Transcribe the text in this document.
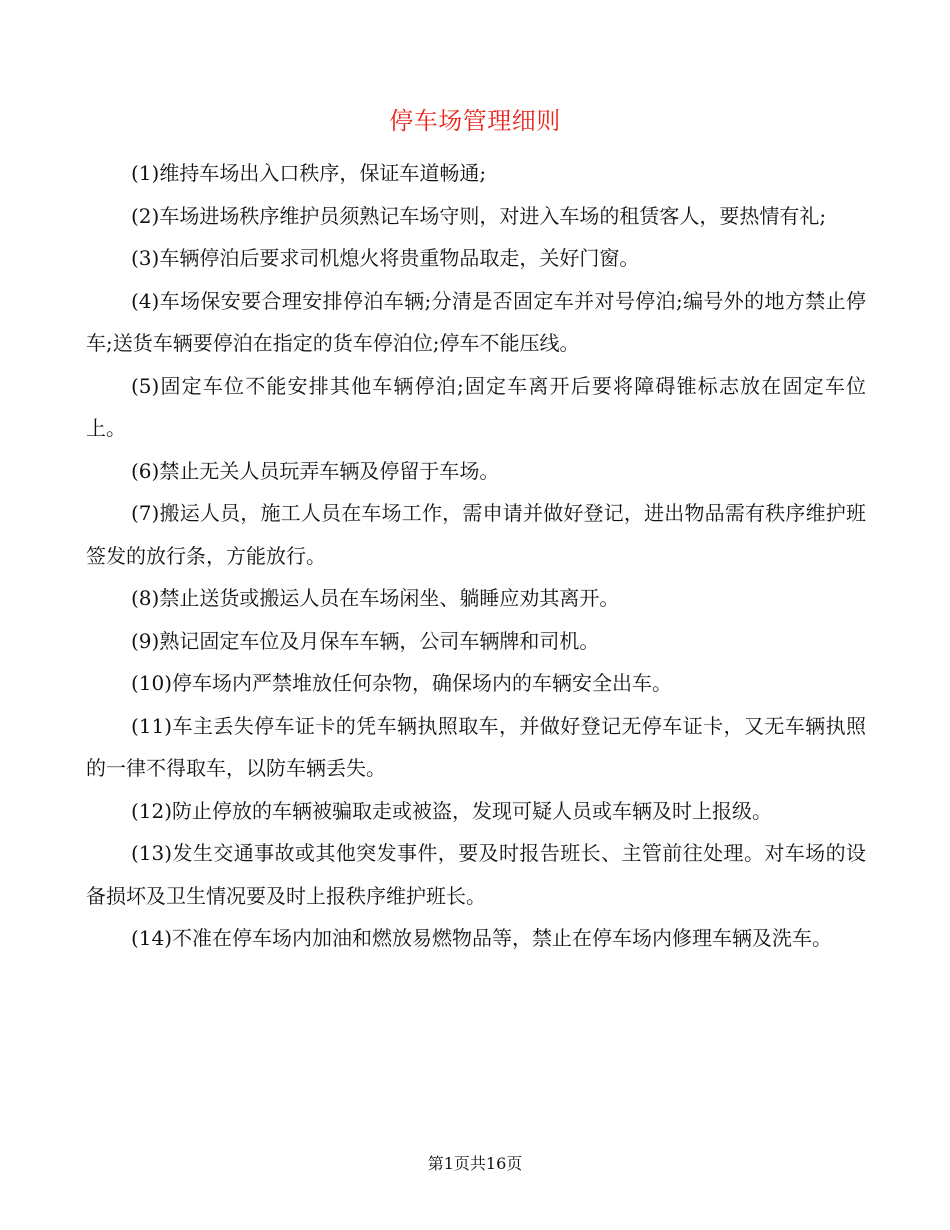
停车场管理细则

(1)维持车场出入口秩序，保证车道畅通;

(2)车场进场秩序维护员须熟记车场守则，对进入车场的租赁客人，要热情有礼;

(3)车辆停泊后要求司机熄火将贵重物品取走，关好门窗。

(4)车场保安要合理安排停泊车辆;分清是否固定车并对号停泊;编号外的地方禁止停车;送货车辆要停泊在指定的货车停泊位;停车不能压线。

(5)固定车位不能安排其他车辆停泊;固定车离开后要将障碍锥标志放在固定车位上。

(6)禁止无关人员玩弄车辆及停留于车场。

(7)搬运人员，施工人员在车场工作，需申请并做好登记，进出物品需有秩序维护班签发的放行条，方能放行。

(8)禁止送货或搬运人员在车场闲坐、躺睡应劝其离开。

(9)熟记固定车位及月保车车辆，公司车辆牌和司机。

(10)停车场内严禁堆放任何杂物，确保场内的车辆安全出车。

(11)车主丢失停车证卡的凭车辆执照取车，并做好登记无停车证卡，又无车辆执照的一律不得取车，以防车辆丢失。

(12)防止停放的车辆被骗取走或被盗，发现可疑人员或车辆及时上报级。

(13)发生交通事故或其他突发事件，要及时报告班长、主管前往处理。对车场的设备损坏及卫生情况要及时上报秩序维护班长。

(14)不准在停车场内加油和燃放易燃物品等，禁止在停车场内修理车辆及洗车。

第1页共16页
